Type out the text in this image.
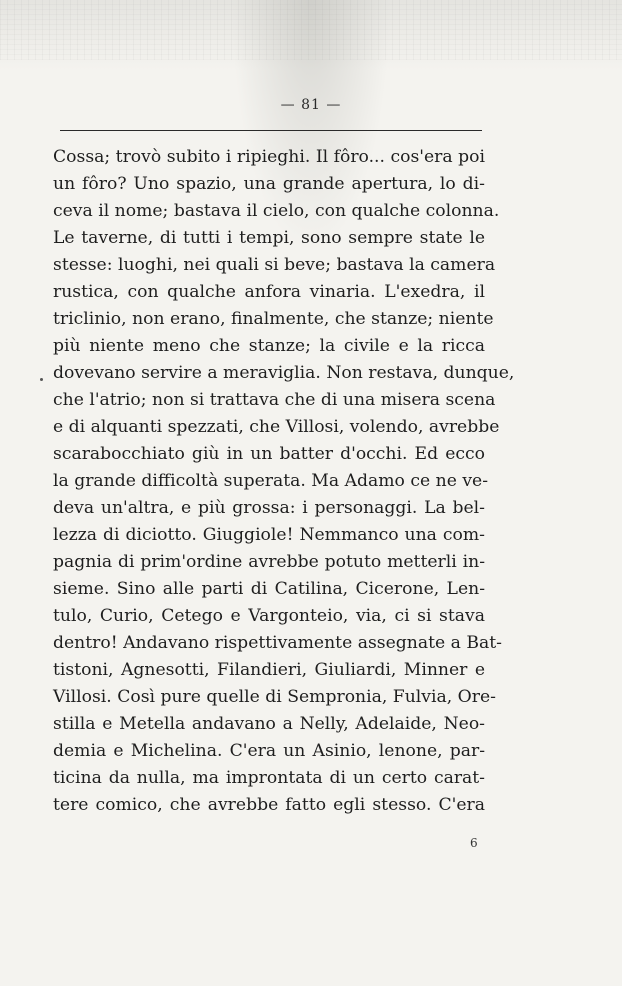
— 81 —
Cossa; trovò subito i ripieghi. Il fôro... cos'era poi
un fôro? Uno spazio, una grande apertura, lo di-
ceva il nome; bastava il cielo, con qualche colonna.
Le taverne, di tutti i tempi, sono sempre state le
stesse: luoghi, nei quali si beve; bastava la camera
rustica, con qualche anfora vinaria. L'exedra, il
triclinio, non erano, finalmente, che stanze; niente
più niente meno che stanze; la civile e la ricca
dovevano servire a meraviglia. Non restava, dunque,
che l'atrio; non si trattava che di una misera scena
e di alquanti spezzati, che Villosi, volendo, avrebbe
scarabocchiato giù in un batter d'occhi. Ed ecco
la grande difficoltà superata. Ma Adamo ce ne ve-
deva un'altra, e più grossa: i personaggi. La bel-
lezza di diciotto. Giuggiole! Nemmanco una com-
pagnia di prim'ordine avrebbe potuto metterli in-
sieme. Sino alle parti di Catilina, Cicerone, Len-
tulo, Curio, Cetego e Vargonteio, via, ci si stava
dentro! Andavano rispettivamente assegnate a Bat-
tistoni, Agnesotti, Filandieri, Giuliardi, Minner e
Villosi. Così pure quelle di Sempronia, Fulvia, Ore-
stilla e Metella andavano a Nelly, Adelaide, Neo-
demia e Michelina. C'era un Asinio, lenone, par-
ticina da nulla, ma improntata di un certo carat-
tere comico, che avrebbe fatto egli stesso. C'era
6
